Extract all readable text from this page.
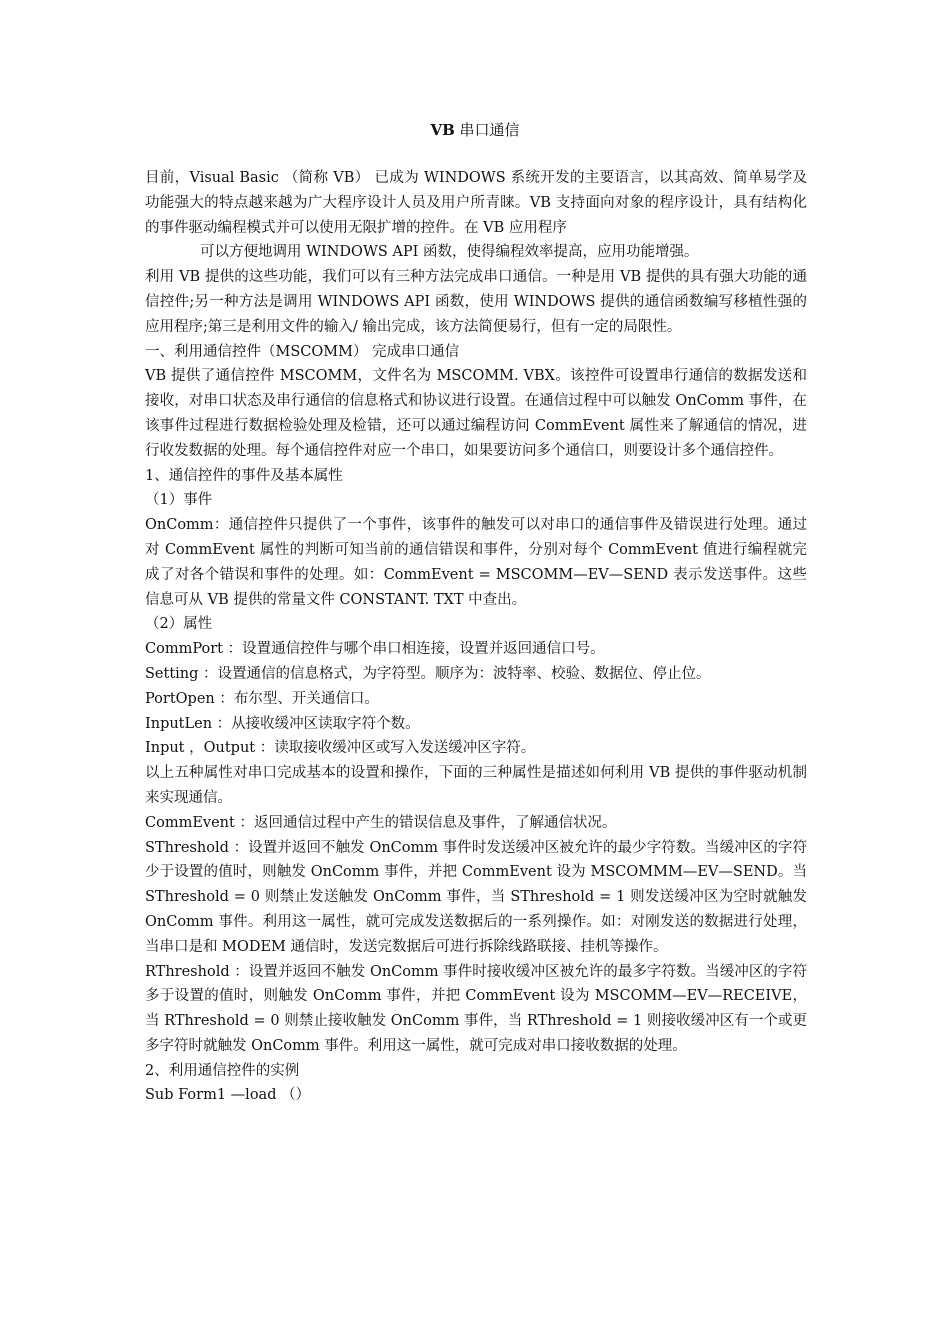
VB 串口通信

目前，Visual Basic （简称 VB） 已成为 WINDOWS 系统开发的主要语言，以其高效、简单易学及功能强大的特点越来越为广大程序设计人员及用户所青睐。VB 支持面向对象的程序设计，具有结构化的事件驱动编程模式并可以使用无限扩增的控件。在 VB 应用程序

可以方便地调用 WINDOWS API 函数，使得编程效率提高，应用功能增强。

利用 VB 提供的这些功能，我们可以有三种方法完成串口通信。一种是用 VB 提供的具有强大功能的通信控件;另一种方法是调用 WINDOWS API 函数，使用 WINDOWS 提供的通信函数编写移植性强的应用程序;第三是利用文件的输入/ 输出完成，该方法简便易行，但有一定的局限性。

一、利用通信控件（MSCOMM） 完成串口通信

VB 提供了通信控件 MSCOMM，文件名为 MSCOMM. VBX。该控件可设置串行通信的数据发送和接收，对串口状态及串行通信的信息格式和协议进行设置。在通信过程中可以触发 OnComm 事件，在该事件过程进行数据检验处理及检错，还可以通过编程访问 CommEvent 属性来了解通信的情况，进行收发数据的处理。每个通信控件对应一个串口，如果要访问多个通信口，则要设计多个通信控件。

1、通信控件的事件及基本属性

（1）事件

OnComm：通信控件只提供了一个事件，该事件的触发可以对串口的通信事件及错误进行处理。通过对 CommEvent 属性的判断可知当前的通信错误和事件，分别对每个 CommEvent 值进行编程就完成了对各个错误和事件的处理。如：CommEvent = MSCOMM—EV—SEND 表示发送事件。这些信息可从 VB 提供的常量文件 CONSTANT. TXT 中查出。

（2）属性

CommPort ：设置通信控件与哪个串口相连接，设置并返回通信口号。

Setting ：设置通信的信息格式，为字符型。顺序为：波特率、校验、数据位、停止位。

PortOpen ：布尔型、开关通信口。

InputLen ：从接收缓冲区读取字符个数。

Input ，Output ：读取接收缓冲区或写入发送缓冲区字符。

以上五种属性对串口完成基本的设置和操作，下面的三种属性是描述如何利用 VB 提供的事件驱动机制来实现通信。

CommEvent ：返回通信过程中产生的错误信息及事件，了解通信状况。

SThreshold ：设置并返回不触发 OnComm 事件时发送缓冲区被允许的最少字符数。当缓冲区的字符少于设置的值时，则触发 OnComm 事件，并把 CommEvent 设为 MSCOMMM—EV—SEND。当 SThreshold = 0 则禁止发送触发 OnComm 事件，当 SThreshold = 1 则发送缓冲区为空时就触发 OnComm 事件。利用这一属性，就可完成发送数据后的一系列操作。如：对刚发送的数据进行处理，当串口是和 MODEM 通信时，发送完数据后可进行拆除线路联接、挂机等操作。

RThreshold ：设置并返回不触发 OnComm 事件时接收缓冲区被允许的最多字符数。当缓冲区的字符多于设置的值时，则触发 OnComm 事件，并把 CommEvent 设为 MSCOMM—EV—RECEIVE，当 RThreshold = 0 则禁止接收触发 OnComm 事件，当 RThreshold = 1 则接收缓冲区有一个或更多字符时就触发 OnComm 事件。利用这一属性，就可完成对串口接收数据的处理。

2、利用通信控件的实例

Sub Form1 —load （）
